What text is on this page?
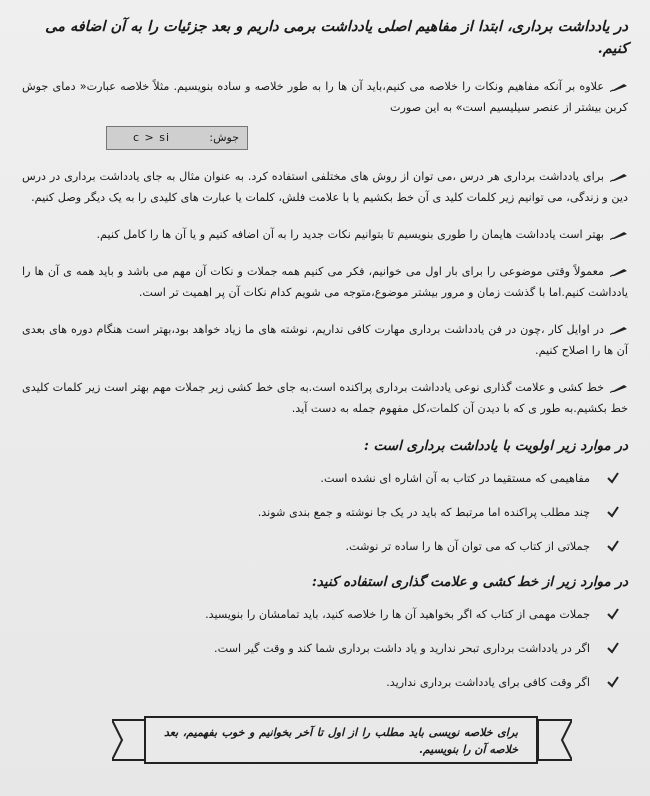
در یادداشت برداری، ابتدا از مفاهیم اصلی یادداشت برمی داریم و بعد جزئیات را به آن اضافه می کنیم.

علاوه بر آنکه مفاهیم ونکات را خلاصه می کنیم،باید آن ها را به طور خلاصه و ساده بنویسیم. مثلاً خلاصه عبارت« دمای جوش کربن بیشتر از عنصر سیلیسیم است» به این صورت

جوش:
c > si

برای یادداشت برداری هر درس ،می توان از روش های مختلفی استفاده کرد. به عنوان مثال به جای یادداشت برداری در درس دین و زندگی، می توانیم زیر کلمات کلید ی آن خط بکشیم یا با علامت فلش، کلمات یا عبارت های کلیدی را به یک دیگر وصل کنیم.

بهتر است یادداشت هایمان را طوری بنویسیم تا بتوانیم نکات جدید را به آن اضافه کنیم و یا آن ها را کامل کنیم.

معمولاً وقتی موضوعی را برای بار اول می خوانیم، فکر می کنیم همه جملات و نکات آن مهم می باشد و باید همه ی آن ها را یادداشت کنیم.اما با گذشت زمان و مرور بیشتر موضوع،متوجه می شویم کدام نکات آن پر اهمیت تر است.

در اوایل کار ،چون در فن یادداشت برداری مهارت کافی نداریم، نوشته های ما زیاد خواهد بود،بهتر است هنگام دوره های بعدی آن ها را اصلاح کنیم.

خط کشی و علامت گذاری نوعی یادداشت برداری پراکنده است.به جای خط کشی زیر جملات مهم بهتر است زیر کلمات کلیدی خط بکشیم.به طور ی که با دیدن آن کلمات،کل مفهوم جمله به دست آید.

در موارد زیر اولویت با یادداشت برداری است :
مفاهیمی که مستقیما در کتاب به آن اشاره ای نشده است.
چند مطلب پراکنده اما مرتبط که باید در یک جا نوشته و جمع بندی شوند.
جملاتی از کتاب که می توان آن ها را ساده تر نوشت.
در موارد زیر از خط کشی و علامت گذاری استفاده کنید:
جملات مهمی از کتاب که اگر بخواهید آن ها را خلاصه کنید، باید تمامشان را بنویسید.
اگر در یادداشت برداری تبحر ندارید و یاد داشت برداری شما کند و وقت گیر است.
اگر وقت کافی برای یادداشت برداری ندارید.
برای خلاصه نویسی باید مطلب را از اول تا آخر بخوانیم و خوب بفهمیم، بعد خلاصه آن را بنویسیم.
